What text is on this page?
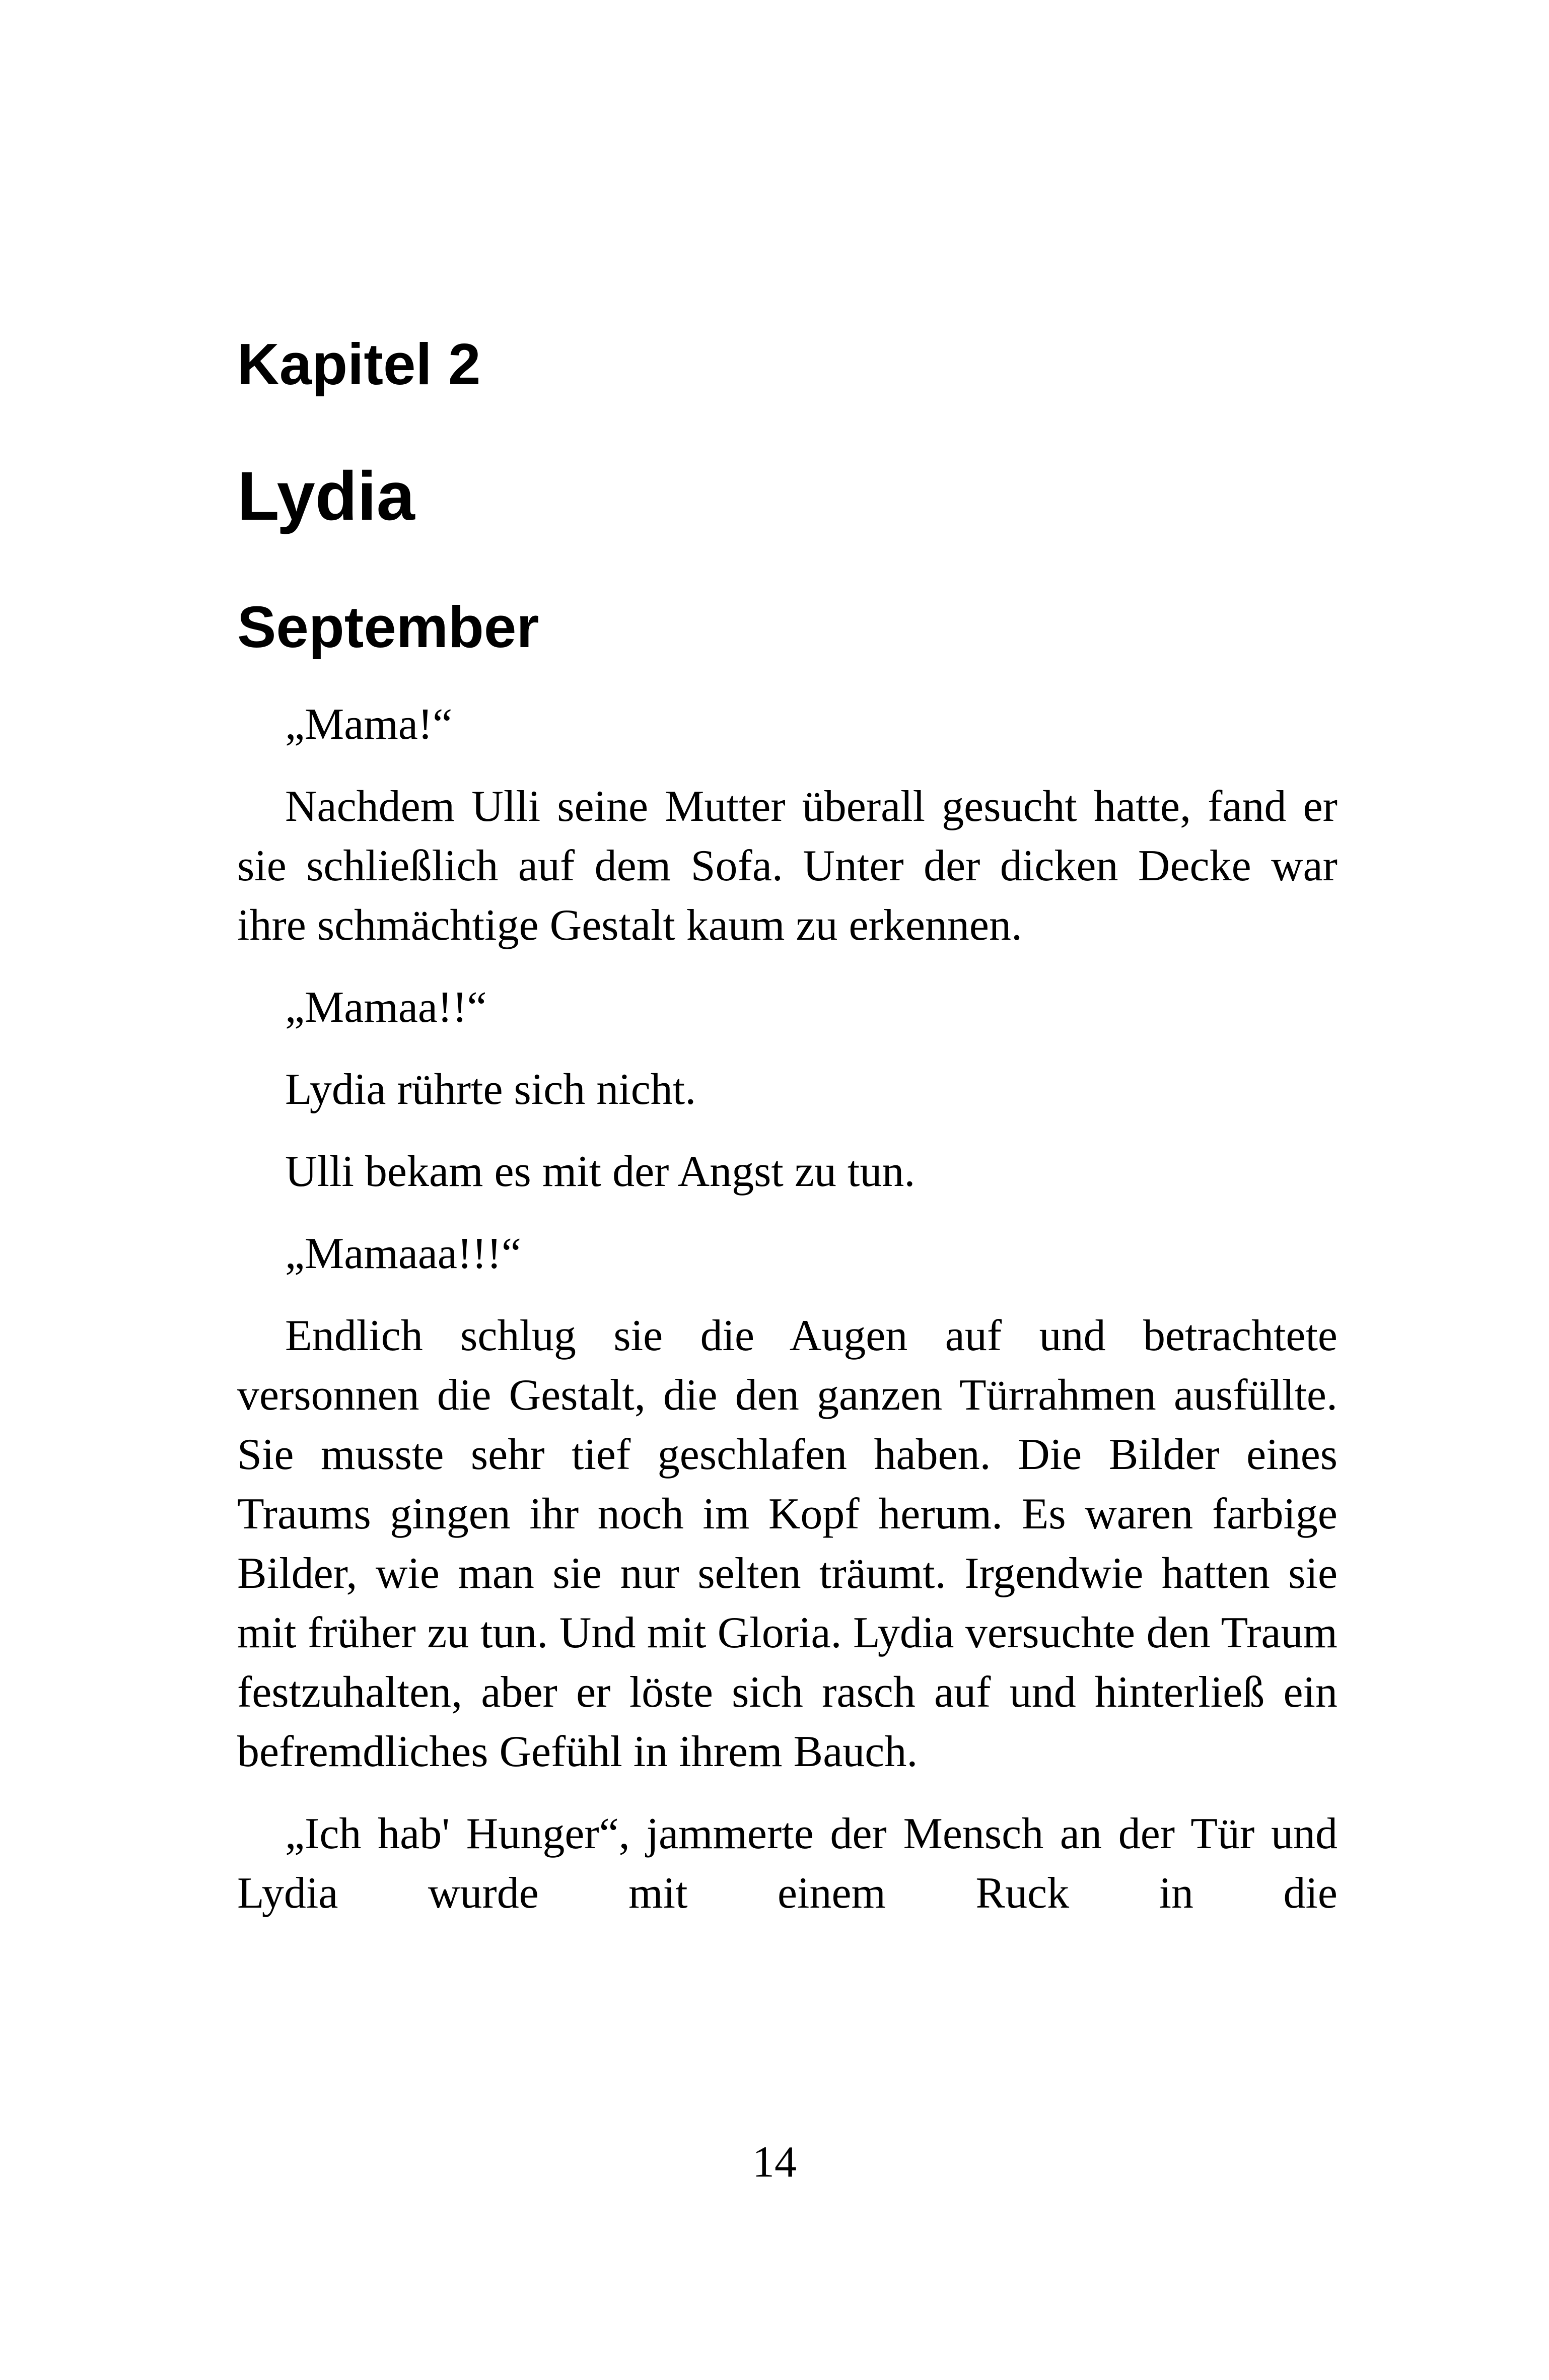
Kapitel 2
Lydia
September

„Mama!“

Nachdem Ulli seine Mutter überall gesucht hatte, fand er sie schließlich auf dem Sofa. Unter der dicken Decke war ihre schmächtige Gestalt kaum zu erkennen.

„Mamaa!!“

Lydia rührte sich nicht.

Ulli bekam es mit der Angst zu tun.

„Mamaaa!!!“

Endlich schlug sie die Augen auf und betrachtete versonnen die Gestalt, die den ganzen Türrahmen ausfüllte. Sie musste sehr tief geschlafen haben. Die Bilder eines Traums gingen ihr noch im Kopf herum. Es waren farbige Bilder, wie man sie nur selten träumt. Irgendwie hatten sie mit früher zu tun. Und mit Gloria. Lydia versuchte den Traum festzuhalten, aber er löste sich rasch auf und hinterließ ein befremdliches Gefühl in ihrem Bauch.

„Ich hab' Hunger“, jammerte der Mensch an der Tür und Lydia wurde mit einem Ruck in die

14
